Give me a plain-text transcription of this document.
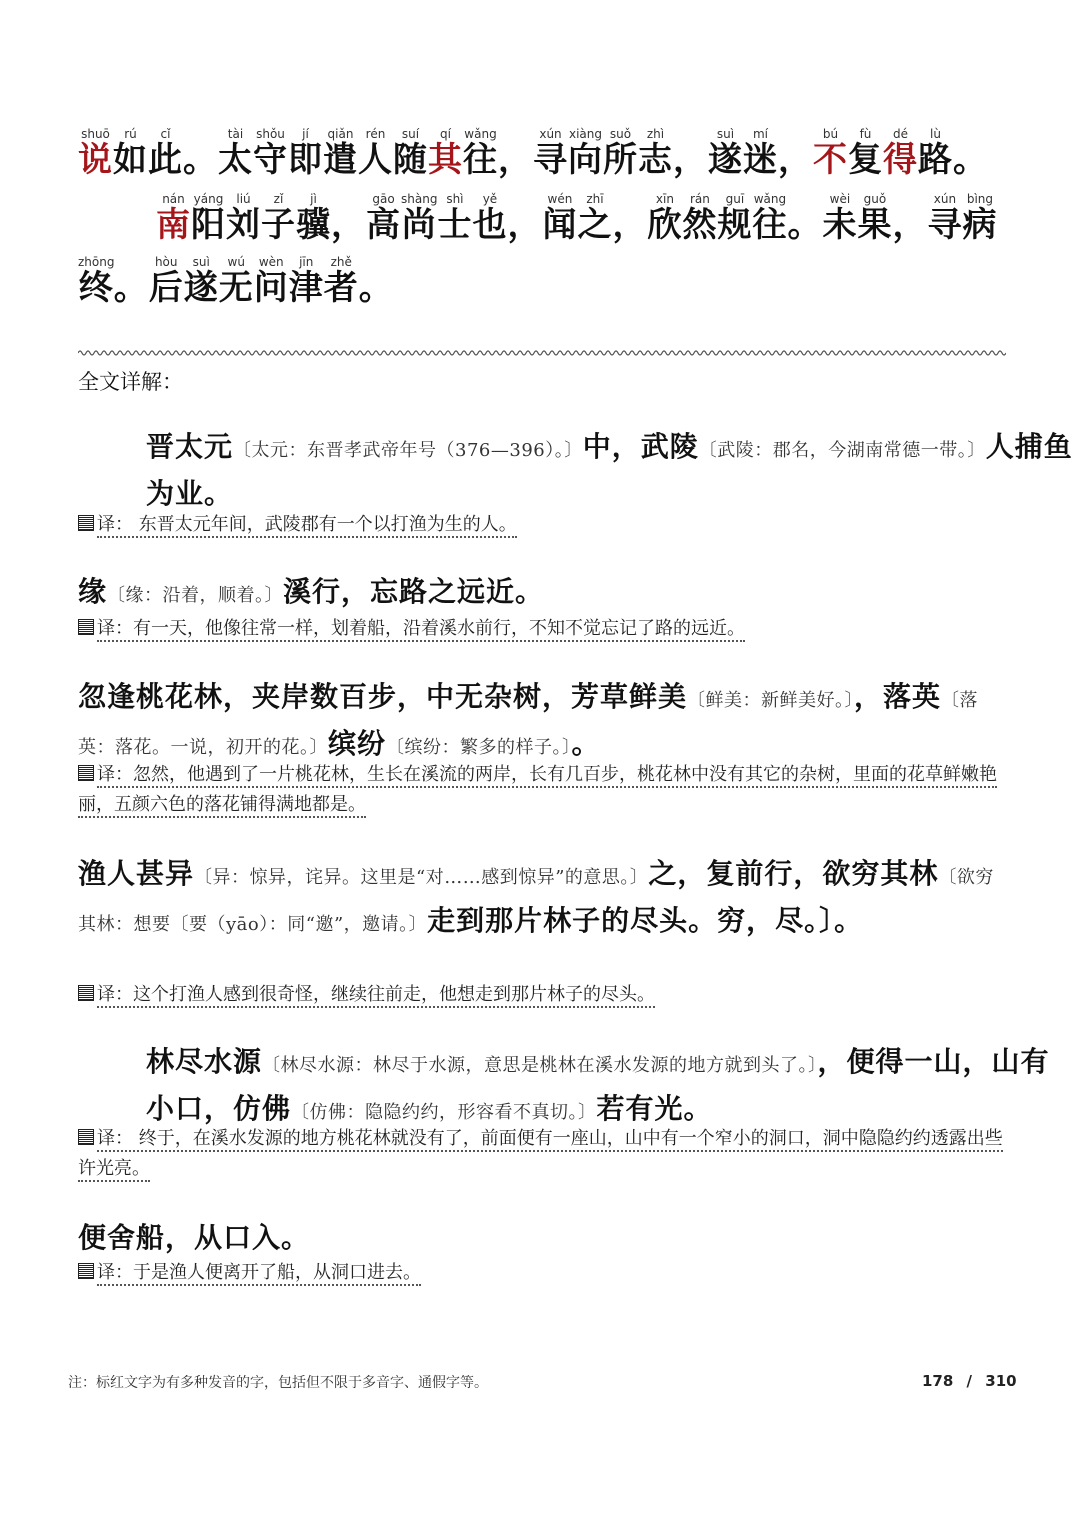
说shuō如rú此cǐ。太tài守shǒu即jí遣qiǎn人rén随suí其qí往wǎng，寻xún向xiàng所suǒ志zhì，遂suì迷mí，不bú复fù得dé路lù。
南nán阳yáng刘liú子zǐ骥jì，高gāo尚shàng士shì也yě，闻wén之zhī，欣xīn然rán规guī往wǎng。未wèi果guǒ，寻xún病bìng
终zhōng。后hòu遂suì无wú问wèn津jīn者zhě。
全文详解：
晋太元〔太元：东晋孝武帝年号（376—396）。〕中，武陵〔武陵：郡名，今湖南常德一带。〕人捕鱼为业。
译： 东晋太元年间，武陵郡有一个以打渔为生的人。
缘〔缘：沿着，顺着。〕溪行，忘路之远近。
译：有一天，他像往常一样，划着船，沿着溪水前行，不知不觉忘记了路的远近。
忽逢桃花林，夹岸数百步，中无杂树，芳草鲜美〔鲜美：新鲜美好。〕，落英〔落英：落花。一说，初开的花。〕缤纷〔缤纷：繁多的样子。〕。
译：忽然，他遇到了一片桃花林，生长在溪流的两岸，长有几百步，桃花林中没有其它的杂树，里面的花草鲜嫩艳丽，五颜六色的落花铺得满地都是。
渔人甚异〔异：惊异，诧异。这里是“对……感到惊异”的意思。〕之，复前行，欲穷其林〔欲穷其林：想要〔要（yāo）：同“邀”，邀请。〕走到那片林子的尽头。穷，尽。〕。
译：这个打渔人感到很奇怪，继续往前走，他想走到那片林子的尽头。
林尽水源〔林尽水源：林尽于水源，意思是桃林在溪水发源的地方就到头了。〕，便得一山，山有小口，仿佛〔仿佛：隐隐约约，形容看不真切。〕若有光。
译： 终于，在溪水发源的地方桃花林就没有了，前面便有一座山，山中有一个窄小的洞口，洞中隐隐约约透露出些许光亮。
便舍船，从口入。
译：于是渔人便离开了船，从洞口进去。
注：标红文字为有多种发音的字，包括但不限于多音字、通假字等。	178 / 310
